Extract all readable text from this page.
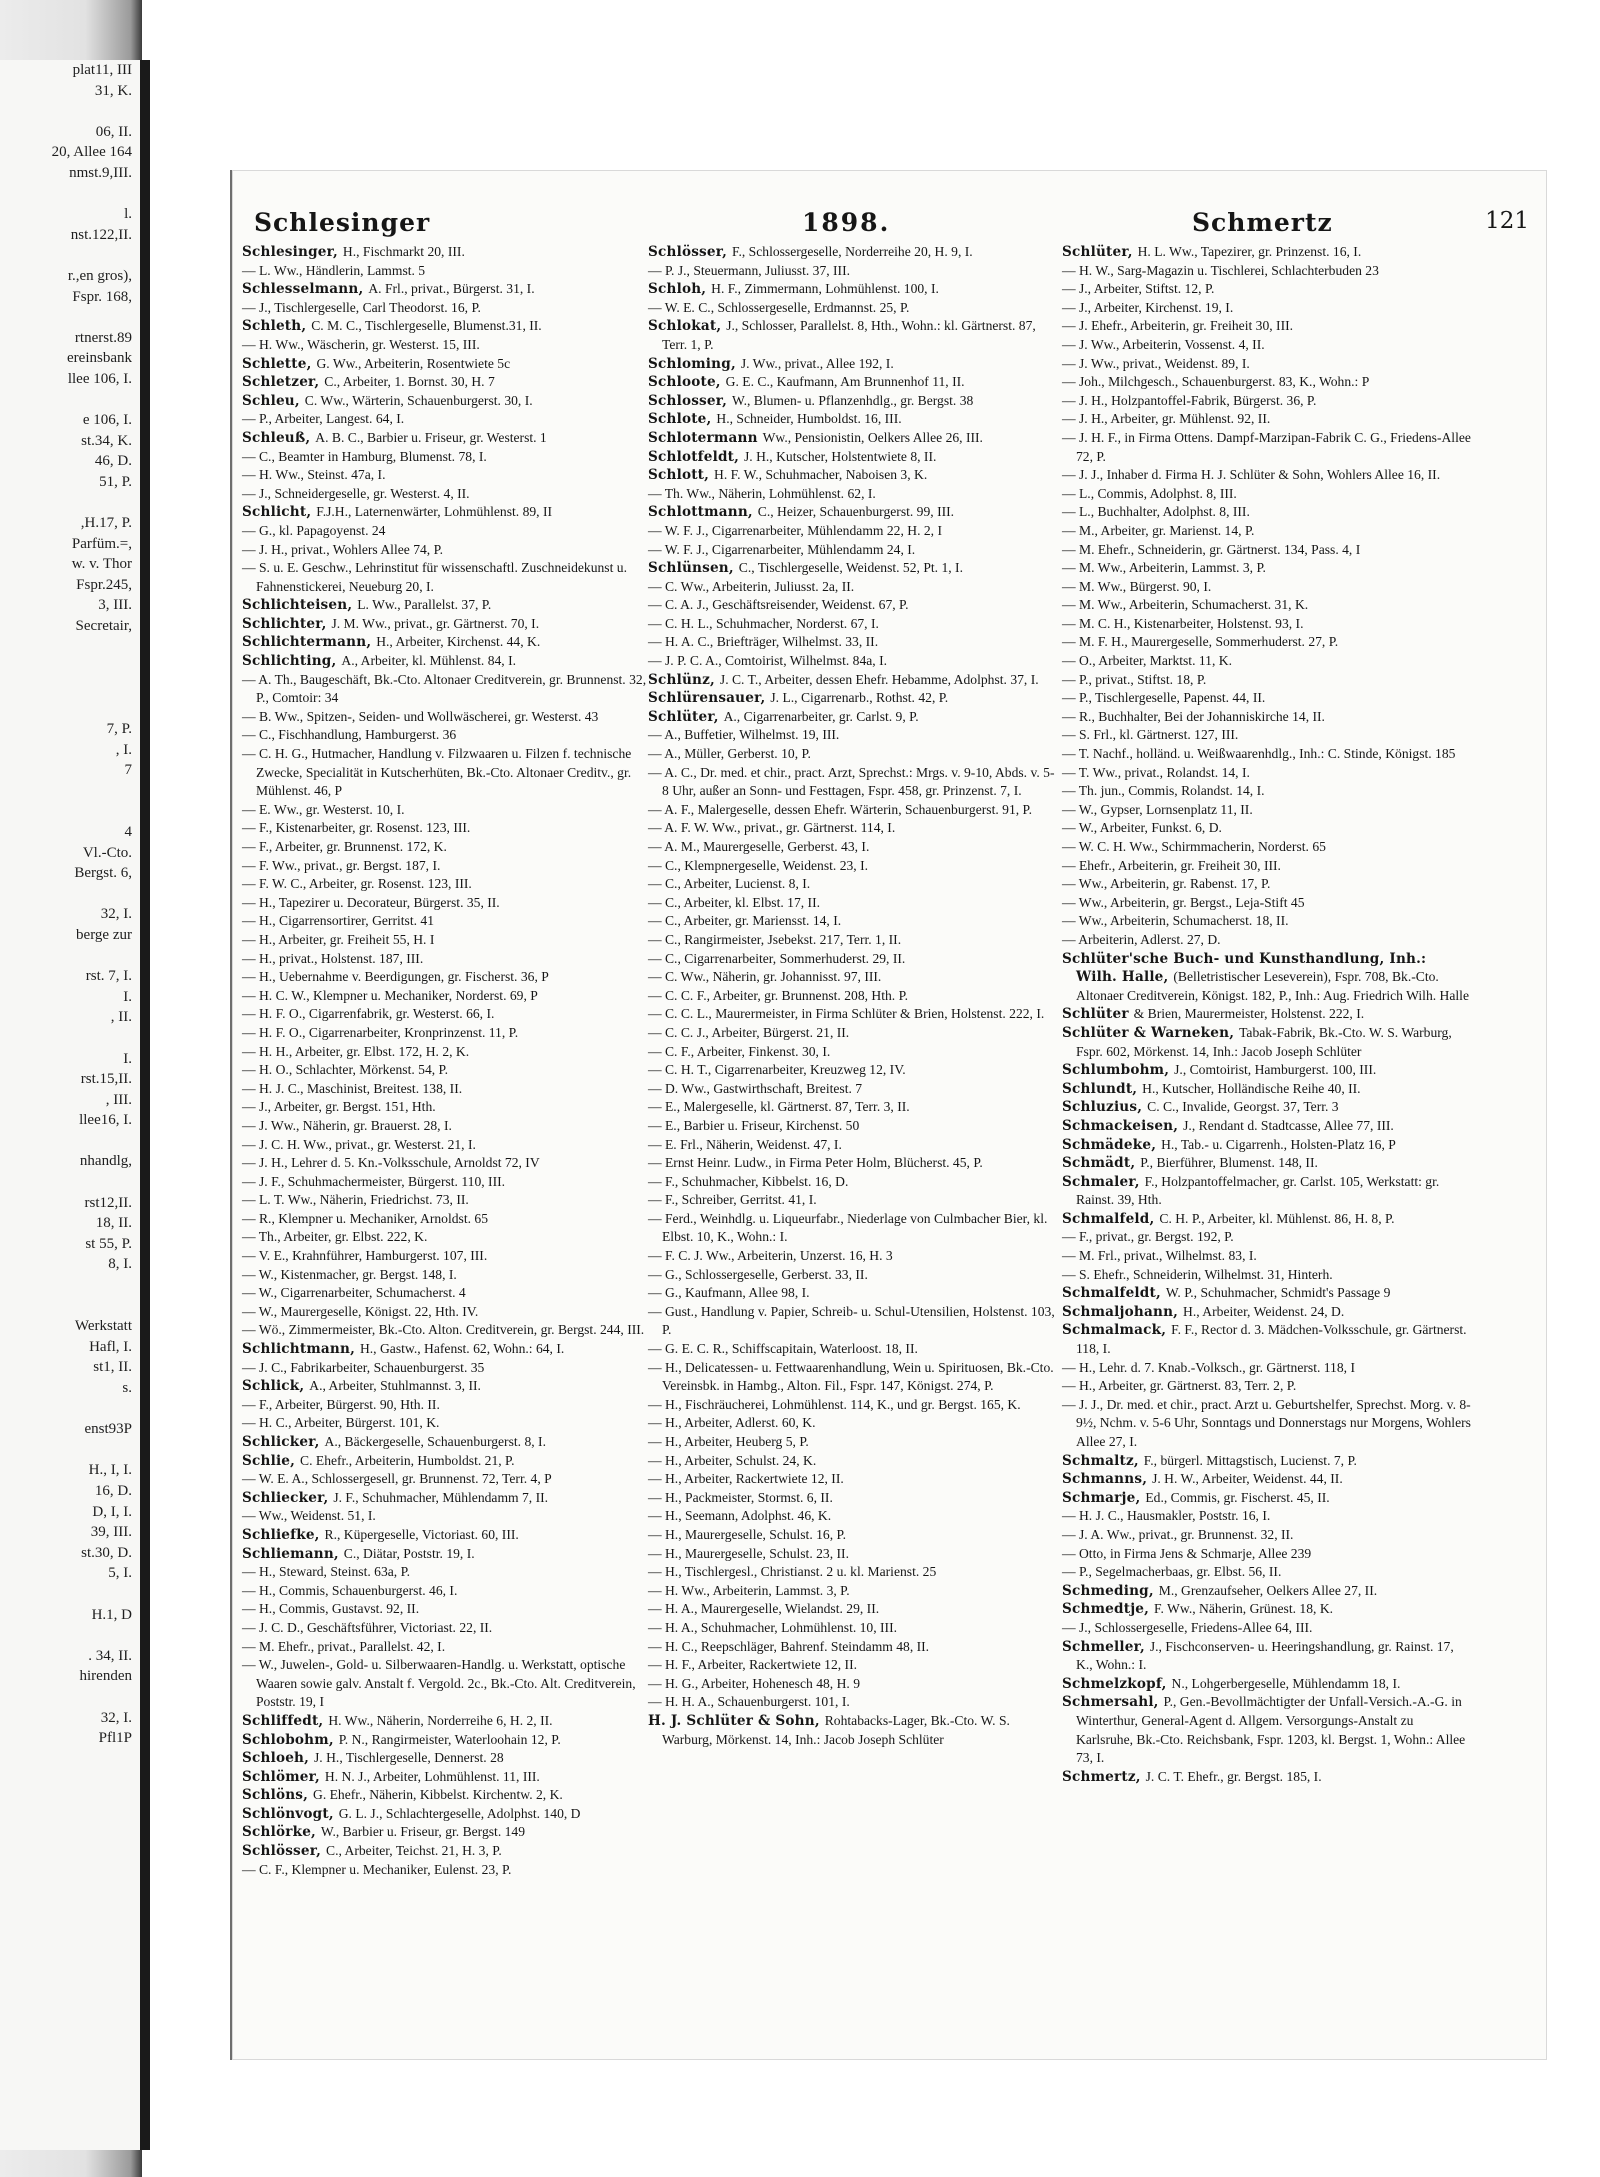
plat11, III
31, K.

06, II.
20, Allee 164
nmst.9,III.

l.
nst.122,II.

r.,en gros),
Fspr. 168,

rtnerst.89
ereinsbank
llee 106, I.

e 106, I.
st.34, K.
46, D.
51, P.

,H.17, P.
Parfüm.=,
w. v. Thor
Fspr.245,
3, III.
Secretair,

7, P.
, I.
7

4
Vl.-Cto.
Bergst. 6,

32, I.
berge zur

rst. 7, I.
I.
, II.

I.
rst.15,II.
, III.
llee16, I.

nhandlg,

rst12,II.
18, II.
st 55, P.
8, I.

Werkstatt
Hafl, I.
st1, II.
s.

enst93P

H., I, I.
16, D.
D, I, I.
39, III.
st.30, D.
5, I.

H.1, D

. 34, II.
hirenden

32, I.
Pfl1P
Schlesinger	1898.	Schmertz	121

Schlesinger, H., Fischmarkt 20, III.

— L. Ww., Händlerin, Lammst. 5

Schlesselmann, A. Frl., privat., Bürgerst. 31, I.

— J., Tischlergeselle, Carl Theodorst. 16, P.

Schleth, C. M. C., Tischlergeselle, Blumenst.31, II.

— H. Ww., Wäscherin, gr. Westerst. 15, III.

Schlette, G. Ww., Arbeiterin, Rosentwiete 5c

Schletzer, C., Arbeiter, 1. Bornst. 30, H. 7

Schleu, C. Ww., Wärterin, Schauenburgerst. 30, I.

— P., Arbeiter, Langest. 64, I.

Schleuß, A. B. C., Barbier u. Friseur, gr. Westerst. 1

— C., Beamter in Hamburg, Blumenst. 78, I.

— H. Ww., Steinst. 47a, I.

— J., Schneidergeselle, gr. Westerst. 4, II.

Schlicht, F.J.H., Laternenwärter, Lohmühlenst. 89, II

— G., kl. Papagoyenst. 24

— J. H., privat., Wohlers Allee 74, P.

— S. u. E. Geschw., Lehrinstitut für wissenschaftl. Zuschneidekunst u. Fahnenstickerei, Neueburg 20, I.

Schlichteisen, L. Ww., Parallelst. 37, P.

Schlichter, J. M. Ww., privat., gr. Gärtnerst. 70, I.

Schlichtermann, H., Arbeiter, Kirchenst. 44, K.

Schlichting, A., Arbeiter, kl. Mühlenst. 84, I.

— A. Th., Baugeschäft, Bk.-Cto. Altonaer Creditverein, gr. Brunnenst. 32, P., Comtoir: 34

— B. Ww., Spitzen-, Seiden- und Wollwäscherei, gr. Westerst. 43

— C., Fischhandlung, Hamburgerst. 36

— C. H. G., Hutmacher, Handlung v. Filzwaaren u. Filzen f. technische Zwecke, Specialität in Kutscherhüten, Bk.-Cto. Altonaer Creditv., gr. Mühlenst. 46, P

— E. Ww., gr. Westerst. 10, I.

— F., Kistenarbeiter, gr. Rosenst. 123, III.

— F., Arbeiter, gr. Brunnenst. 172, K.

— F. Ww., privat., gr. Bergst. 187, I.

— F. W. C., Arbeiter, gr. Rosenst. 123, III.

— H., Tapezirer u. Decorateur, Bürgerst. 35, II.

— H., Cigarrensortirer, Gerritst. 41

— H., Arbeiter, gr. Freiheit 55, H. I

— H., privat., Holstenst. 187, III.

— H., Uebernahme v. Beerdigungen, gr. Fischerst. 36, P

— H. C. W., Klempner u. Mechaniker, Norderst. 69, P

— H. F. O., Cigarrenfabrik, gr. Westerst. 66, I.

— H. F. O., Cigarrenarbeiter, Kronprinzenst. 11, P.

— H. H., Arbeiter, gr. Elbst. 172, H. 2, K.

— H. O., Schlachter, Mörkenst. 54, P.

— H. J. C., Maschinist, Breitest. 138, II.

— J., Arbeiter, gr. Bergst. 151, Hth.

— J. Ww., Näherin, gr. Brauerst. 28, I.

— J. C. H. Ww., privat., gr. Westerst. 21, I.

— J. H., Lehrer d. 5. Kn.-Volksschule, Arnoldst 72, IV

— J. F., Schuhmachermeister, Bürgerst. 110, III.

— L. T. Ww., Näherin, Friedrichst. 73, II.

— R., Klempner u. Mechaniker, Arnoldst. 65

— Th., Arbeiter, gr. Elbst. 222, K.

— V. E., Krahnführer, Hamburgerst. 107, III.

— W., Kistenmacher, gr. Bergst. 148, I.

— W., Cigarrenarbeiter, Schumacherst. 4

— W., Maurergeselle, Königst. 22, Hth. IV.

— Wö., Zimmermeister, Bk.-Cto. Alton. Creditverein, gr. Bergst. 244, III.

Schlichtmann, H., Gastw., Hafenst. 62, Wohn.: 64, I.

— J. C., Fabrikarbeiter, Schauenburgerst. 35

Schlick, A., Arbeiter, Stuhlmannst. 3, II.

— F., Arbeiter, Bürgerst. 90, Hth. II.

— H. C., Arbeiter, Bürgerst. 101, K.

Schlicker, A., Bäckergeselle, Schauenburgerst. 8, I.

Schlie, C. Ehefr., Arbeiterin, Humboldst. 21, P.

— W. E. A., Schlossergesell, gr. Brunnenst. 72, Terr. 4, P

Schliecker, J. F., Schuhmacher, Mühlendamm 7, II.

— Ww., Weidenst. 51, I.

Schliefke, R., Küpergeselle, Victoriast. 60, III.

Schliemann, C., Diätar, Poststr. 19, I.

— H., Steward, Steinst. 63a, P.

— H., Commis, Schauenburgerst. 46, I.

— H., Commis, Gustavst. 92, II.

— J. C. D., Geschäftsführer, Victoriast. 22, II.

— M. Ehefr., privat., Parallelst. 42, I.

— W., Juwelen-, Gold- u. Silberwaaren-Handlg. u. Werkstatt, optische Waaren sowie galv. Anstalt f. Vergold. 2c., Bk.-Cto. Alt. Creditverein, Poststr. 19, I

Schliffedt, H. Ww., Näherin, Norderreihe 6, H. 2, II.

Schlobohm, P. N., Rangirmeister, Waterloohain 12, P.

Schloeh, J. H., Tischlergeselle, Dennerst. 28

Schlömer, H. N. J., Arbeiter, Lohmühlenst. 11, III.

Schlöns, G. Ehefr., Näherin, Kibbelst. Kirchentw. 2, K.

Schlönvogt, G. L. J., Schlachtergeselle, Adolphst. 140, D

Schlörke, W., Barbier u. Friseur, gr. Bergst. 149

Schlösser, C., Arbeiter, Teichst. 21, H. 3, P.

— C. F., Klempner u. Mechaniker, Eulenst. 23, P.

Schlösser, F., Schlossergeselle, Norderreihe 20, H. 9, I.

— P. J., Steuermann, Juliusst. 37, III.

Schloh, H. F., Zimmermann, Lohmühlenst. 100, I.

— W. E. C., Schlossergeselle, Erdmannst. 25, P.

Schlokat, J., Schlosser, Parallelst. 8, Hth., Wohn.: kl. Gärtnerst. 87, Terr. 1, P.

Schloming, J. Ww., privat., Allee 192, I.

Schloote, G. E. C., Kaufmann, Am Brunnenhof 11, II.

Schlosser, W., Blumen- u. Pflanzenhdlg., gr. Bergst. 38

Schlote, H., Schneider, Humboldst. 16, III.

Schlotermann Ww., Pensionistin, Oelkers Allee 26, III.

Schlotfeldt, J. H., Kutscher, Holstentwiete 8, II.

Schlott, H. F. W., Schuhmacher, Naboisen 3, K.

— Th. Ww., Näherin, Lohmühlenst. 62, I.

Schlottmann, C., Heizer, Schauenburgerst. 99, III.

— W. F. J., Cigarrenarbeiter, Mühlendamm 22, H. 2, I

— W. F. J., Cigarrenarbeiter, Mühlendamm 24, I.

Schlünsen, C., Tischlergeselle, Weidenst. 52, Pt. 1, I.

— C. Ww., Arbeiterin, Juliusst. 2a, II.

— C. A. J., Geschäftsreisender, Weidenst. 67, P.

— C. H. L., Schuhmacher, Norderst. 67, I.

— H. A. C., Briefträger, Wilhelmst. 33, II.

— J. P. C. A., Comtoirist, Wilhelmst. 84a, I.

Schlünz, J. C. T., Arbeiter, dessen Ehefr. Hebamme, Adolphst. 37, I.

Schlürensauer, J. L., Cigarrenarb., Rothst. 42, P.

Schlüter, A., Cigarrenarbeiter, gr. Carlst. 9, P.

— A., Buffetier, Wilhelmst. 19, III.

— A., Müller, Gerberst. 10, P.

— A. C., Dr. med. et chir., pract. Arzt, Sprechst.: Mrgs. v. 9-10, Abds. v. 5-8 Uhr, außer an Sonn- und Festtagen, Fspr. 458, gr. Prinzenst. 7, I.

— A. F., Malergeselle, dessen Ehefr. Wärterin, Schauenburgerst. 91, P.

— A. F. W. Ww., privat., gr. Gärtnerst. 114, I.

— A. M., Maurergeselle, Gerberst. 43, I.

— C., Klempnergeselle, Weidenst. 23, I.

— C., Arbeiter, Lucienst. 8, I.

— C., Arbeiter, kl. Elbst. 17, II.

— C., Arbeiter, gr. Mariensst. 14, I.

— C., Rangirmeister, Jsebekst. 217, Terr. 1, II.

— C., Cigarrenarbeiter, Sommerhuderst. 29, II.

— C. Ww., Näherin, gr. Johannisst. 97, III.

— C. C. F., Arbeiter, gr. Brunnenst. 208, Hth. P.

— C. C. L., Maurermeister, in Firma Schlüter & Brien, Holstenst. 222, I.

— C. C. J., Arbeiter, Bürgerst. 21, II.

— C. F., Arbeiter, Finkenst. 30, I.

— C. H. T., Cigarrenarbeiter, Kreuzweg 12, IV.

— D. Ww., Gastwirthschaft, Breitest. 7

— E., Malergeselle, kl. Gärtnerst. 87, Terr. 3, II.

— E., Barbier u. Friseur, Kirchenst. 50

— E. Frl., Näherin, Weidenst. 47, I.

— Ernst Heinr. Ludw., in Firma Peter Holm, Blücherst. 45, P.

— F., Schuhmacher, Kibbelst. 16, D.

— F., Schreiber, Gerritst. 41, I.

— Ferd., Weinhdlg. u. Liqueurfabr., Niederlage von Culmbacher Bier, kl. Elbst. 10, K., Wohn.: I.

— F. C. J. Ww., Arbeiterin, Unzerst. 16, H. 3

— G., Schlossergeselle, Gerberst. 33, II.

— G., Kaufmann, Allee 98, I.

— Gust., Handlung v. Papier, Schreib- u. Schul-Utensilien, Holstenst. 103, P.

— G. E. C. R., Schiffscapitain, Waterloost. 18, II.

— H., Delicatessen- u. Fettwaarenhandlung, Wein u. Spirituosen, Bk.-Cto. Vereinsbk. in Hambg., Alton. Fil., Fspr. 147, Königst. 274, P.

— H., Fischräucherei, Lohmühlenst. 114, K., und gr. Bergst. 165, K.

— H., Arbeiter, Adlerst. 60, K.

— H., Arbeiter, Heuberg 5, P.

— H., Arbeiter, Schulst. 24, K.

— H., Arbeiter, Rackertwiete 12, II.

— H., Packmeister, Stormst. 6, II.

— H., Seemann, Adolphst. 46, K.

— H., Maurergeselle, Schulst. 16, P.

— H., Maurergeselle, Schulst. 23, II.

— H., Tischlergesl., Christianst. 2 u. kl. Marienst. 25

— H. Ww., Arbeiterin, Lammst. 3, P.

— H. A., Maurergeselle, Wielandst. 29, II.

— H. A., Schuhmacher, Lohmühlenst. 10, III.

— H. C., Reepschläger, Bahrenf. Steindamm 48, II.

— H. F., Arbeiter, Rackertwiete 12, II.

— H. G., Arbeiter, Hohenesch 48, H. 9

— H. H. A., Schauenburgerst. 101, I.

H. J. Schlüter & Sohn, Rohtabacks-Lager, Bk.-Cto. W. S. Warburg, Mörkenst. 14, Inh.: Jacob Joseph Schlüter

Schlüter, H. L. Ww., Tapezirer, gr. Prinzenst. 16, I.

— H. W., Sarg-Magazin u. Tischlerei, Schlachterbuden 23

— J., Arbeiter, Stiftst. 12, P.

— J., Arbeiter, Kirchenst. 19, I.

— J. Ehefr., Arbeiterin, gr. Freiheit 30, III.

— J. Ww., Arbeiterin, Vossenst. 4, II.

— J. Ww., privat., Weidenst. 89, I.

— Joh., Milchgesch., Schauenburgerst. 83, K., Wohn.: P

— J. H., Holzpantoffel-Fabrik, Bürgerst. 36, P.

— J. H., Arbeiter, gr. Mühlenst. 92, II.

— J. H. F., in Firma Ottens. Dampf-Marzipan-Fabrik C. G., Friedens-Allee 72, P.

— J. J., Inhaber d. Firma H. J. Schlüter & Sohn, Wohlers Allee 16, II.

— L., Commis, Adolphst. 8, III.

— L., Buchhalter, Adolphst. 8, III.

— M., Arbeiter, gr. Marienst. 14, P.

— M. Ehefr., Schneiderin, gr. Gärtnerst. 134, Pass. 4, I

— M. Ww., Arbeiterin, Lammst. 3, P.

— M. Ww., Bürgerst. 90, I.

— M. Ww., Arbeiterin, Schumacherst. 31, K.

— M. C. H., Kistenarbeiter, Holstenst. 93, I.

— M. F. H., Maurergeselle, Sommerhuderst. 27, P.

— O., Arbeiter, Marktst. 11, K.

— P., privat., Stiftst. 18, P.

— P., Tischlergeselle, Papenst. 44, II.

— R., Buchhalter, Bei der Johanniskirche 14, II.

— S. Frl., kl. Gärtnerst. 127, III.

— T. Nachf., holländ. u. Weißwaarenhdlg., Inh.: C. Stinde, Königst. 185

— T. Ww., privat., Rolandst. 14, I.

— Th. jun., Commis, Rolandst. 14, I.

— W., Gypser, Lornsenplatz 11, II.

— W., Arbeiter, Funkst. 6, D.

— W. C. H. Ww., Schirmmacherin, Norderst. 65

— Ehefr., Arbeiterin, gr. Freiheit 30, III.

— Ww., Arbeiterin, gr. Rabenst. 17, P.

— Ww., Arbeiterin, gr. Bergst., Leja-Stift 45

— Ww., Arbeiterin, Schumacherst. 18, II.

— Arbeiterin, Adlerst. 27, D.

Schlüter'sche Buch- und Kunsthandlung, Inh.: Wilh. Halle, (Belletristischer Leseverein), Fspr. 708, Bk.-Cto. Altonaer Creditverein, Königst. 182, P., Inh.: Aug. Friedrich Wilh. Halle

Schlüter & Brien, Maurermeister, Holstenst. 222, I.

Schlüter & Warneken, Tabak-Fabrik, Bk.-Cto. W. S. Warburg, Fspr. 602, Mörkenst. 14, Inh.: Jacob Joseph Schlüter

Schlumbohm, J., Comtoirist, Hamburgerst. 100, III.

Schlundt, H., Kutscher, Holländische Reihe 40, II.

Schluzius, C. C., Invalide, Georgst. 37, Terr. 3

Schmackeisen, J., Rendant d. Stadtcasse, Allee 77, III.

Schmädeke, H., Tab.- u. Cigarrenh., Holsten-Platz 16, P

Schmädt, P., Bierführer, Blumenst. 148, II.

Schmaler, F., Holzpantoffelmacher, gr. Carlst. 105, Werkstatt: gr. Rainst. 39, Hth.

Schmalfeld, C. H. P., Arbeiter, kl. Mühlenst. 86, H. 8, P.

— F., privat., gr. Bergst. 192, P.

— M. Frl., privat., Wilhelmst. 83, I.

— S. Ehefr., Schneiderin, Wilhelmst. 31, Hinterh.

Schmalfeldt, W. P., Schuhmacher, Schmidt's Passage 9

Schmaljohann, H., Arbeiter, Weidenst. 24, D.

Schmalmack, F. F., Rector d. 3. Mädchen-Volksschule, gr. Gärtnerst. 118, I.

— H., Lehr. d. 7. Knab.-Volksch., gr. Gärtnerst. 118, I

— H., Arbeiter, gr. Gärtnerst. 83, Terr. 2, P.

— J. J., Dr. med. et chir., pract. Arzt u. Geburtshelfer, Sprechst. Morg. v. 8-9½, Nchm. v. 5-6 Uhr, Sonntags und Donnerstags nur Morgens, Wohlers Allee 27, I.

Schmaltz, F., bürgerl. Mittagstisch, Lucienst. 7, P.

Schmanns, J. H. W., Arbeiter, Weidenst. 44, II.

Schmarje, Ed., Commis, gr. Fischerst. 45, II.

— H. J. C., Hausmakler, Poststr. 16, I.

— J. A. Ww., privat., gr. Brunnenst. 32, II.

— Otto, in Firma Jens & Schmarje, Allee 239

— P., Segelmacherbaas, gr. Elbst. 56, II.

Schmeding, M., Grenzaufseher, Oelkers Allee 27, II.

Schmedtje, F. Ww., Näherin, Grünest. 18, K.

— J., Schlossergeselle, Friedens-Allee 64, III.

Schmeller, J., Fischconserven- u. Heeringshandlung, gr. Rainst. 17, K., Wohn.: I.

Schmelzkopf, N., Lohgerbergeselle, Mühlendamm 18, I.

Schmersahl, P., Gen.-Bevollmächtigter der Unfall-Versich.-A.-G. in Winterthur, General-Agent d. Allgem. Versorgungs-Anstalt zu Karlsruhe, Bk.-Cto. Reichsbank, Fspr. 1203, kl. Bergst. 1, Wohn.: Allee 73, I.

Schmertz, J. C. T. Ehefr., gr. Bergst. 185, I.
